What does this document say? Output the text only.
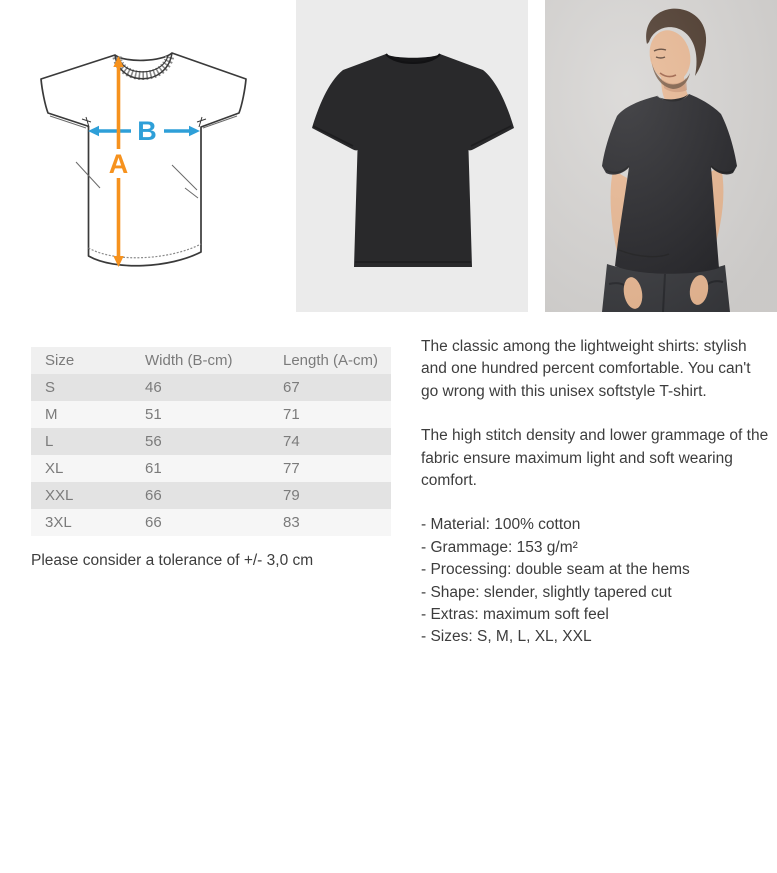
B
A
Size	Width (B-cm)	Length (A-cm)
S	46	67
M	51	71
L	56	74
XL	61	77
XXL	66	79
3XL	66	83
Please consider a tolerance of +/- 3,0 cm

The classic among the lightweight shirts: stylish and one hundred percent comfortable. You can't go wrong with this unisex softstyle T-shirt.

The high stitch density and lower grammage of the fabric ensure maximum light and soft wearing comfort.

- Material: 100% cotton
- Grammage: 153 g/m²
- Processing: double seam at the hems
- Shape: slender, slightly tapered cut
- Extras: maximum soft feel
- Sizes: S, M, L, XL, XXL
